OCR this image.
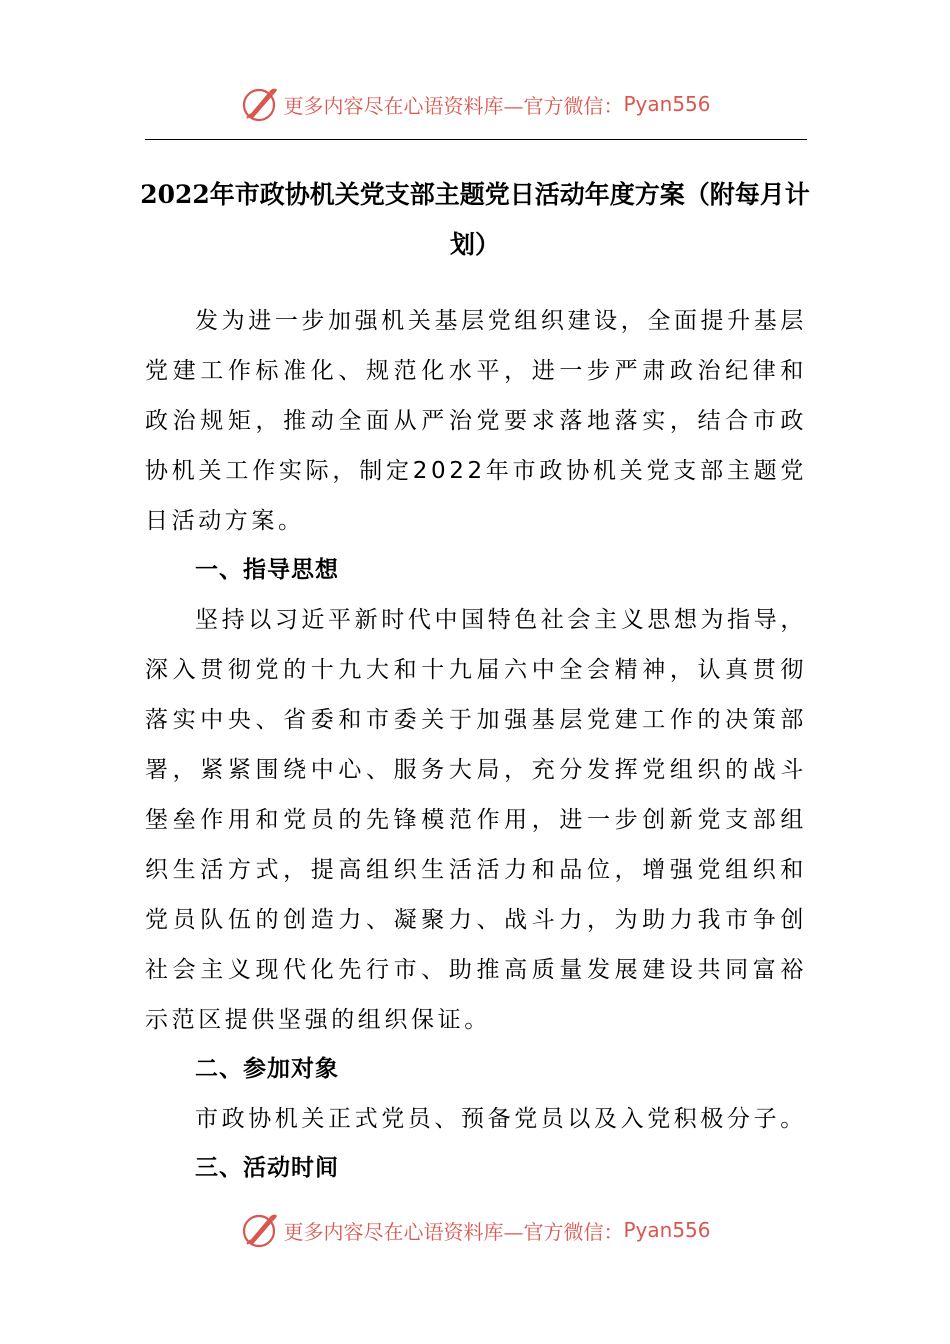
更多内容尽在心语资料库—官方微信： Pyan556
2022年市政协机关党支部主题党日活动年度方案（附每月计划）

发为进一步加强机关基层党组织建设，全面提升基层党建工作标准化、规范化水平，进一步严肃政治纪律和政治规矩，推动全面从严治党要求落地落实，结合市政协机关工作实际，制定2022年市政协机关党支部主题党日活动方案。

一、指导思想

坚持以习近平新时代中国特色社会主义思想为指导，深入贯彻党的十九大和十九届六中全会精神，认真贯彻落实中央、省委和市委关于加强基层党建工作的决策部署，紧紧围绕中心、服务大局，充分发挥党组织的战斗堡垒作用和党员的先锋模范作用，进一步创新党支部组织生活方式，提高组织生活活力和品位，增强党组织和党员队伍的创造力、凝聚力、战斗力，为助力我市争创社会主义现代化先行市、助推高质量发展建设共同富裕示范区提供坚强的组织保证。

二、参加对象

市政协机关正式党员、预备党员以及入党积极分子。

三、活动时间

更多内容尽在心语资料库—官方微信： Pyan556
